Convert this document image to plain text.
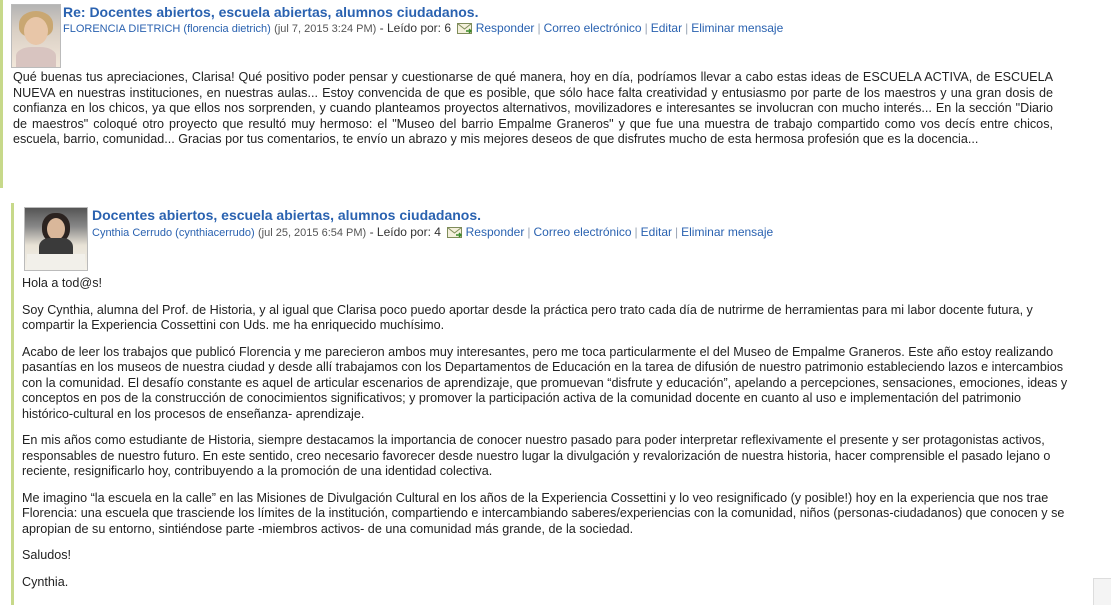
Re: Docentes abiertos, escuela abiertas, alumnos ciudadanos.
FLORENCIA DIETRICH (florencia dietrich) (jul 7, 2015 3:24 PM) - Leído por: 6 Responder | Correo electrónico | Editar | Eliminar mensaje
Qué buenas tus apreciaciones, Clarisa! Qué positivo poder pensar y cuestionarse de qué manera, hoy en día, podríamos llevar a cabo estas ideas de ESCUELA ACTIVA, de ESCUELA NUEVA en nuestras instituciones, en nuestras aulas... Estoy convencida de que es posible, que sólo hace falta creatividad y entusiasmo por parte de los maestros y una gran dosis de confianza en los chicos, ya que ellos nos sorprenden, y cuando planteamos proyectos alternativos, movilizadores e interesantes se involucran con mucho interés... En la sección "Diario de maestros" coloqué otro proyecto que resultó muy hermoso: el "Museo del barrio Empalme Graneros" y que fue una muestra de trabajo compartido como vos decís entre chicos, escuela, barrio, comunidad... Gracias por tus comentarios, te envío un abrazo y mis mejores deseos de que disfrutes mucho de esta hermosa profesión que es la docencia...
Docentes abiertos, escuela abiertas, alumnos ciudadanos.
Cynthia Cerrudo (cynthiacerrudo) (jul 25, 2015 6:54 PM) - Leído por: 4 Responder | Correo electrónico | Editar | Eliminar mensaje

Hola a tod@s!

Soy Cynthia, alumna del Prof. de Historia, y al igual que Clarisa poco puedo aportar desde la práctica pero trato cada día de nutrirme de herramientas para mi labor docente futura, y compartir la Experiencia Cossettini con Uds. me ha enriquecido muchísimo.

Acabo de leer los trabajos que publicó Florencia y me parecieron ambos muy interesantes, pero me toca particularmente el del Museo de Empalme Graneros. Este año estoy realizando pasantías en los museos de nuestra ciudad y desde allí trabajamos con los Departamentos de Educación en la tarea de difusión de nuestro patrimonio estableciendo lazos e intercambios con la comunidad. El desafío constante es aquel de articular escenarios de aprendizaje, que promuevan “disfrute y educación”, apelando a percepciones, sensaciones, emociones, ideas y conceptos en pos de la construcción de conocimientos significativos; y promover la participación activa de la comunidad docente en cuanto al uso e implementación del patrimonio histórico-cultural en los procesos de enseñanza- aprendizaje.

En mis años como estudiante de Historia, siempre destacamos la importancia de conocer nuestro pasado para poder interpretar reflexivamente el presente y ser protagonistas activos, responsables de nuestro futuro. En este sentido, creo necesario favorecer desde nuestro lugar la divulgación y revalorización de nuestra historia, hacer comprensible el pasado lejano o reciente, resignificarlo hoy, contribuyendo a la promoción de una identidad colectiva.

Me imagino “la escuela en la calle” en las Misiones de Divulgación Cultural en los años de la Experiencia Cossettini y lo veo resignificado (y posible!) hoy en la experiencia que nos trae Florencia: una escuela que trasciende los límites de la institución, compartiendo e intercambiando saberes/experiencias con la comunidad, niños (personas-ciudadanos) que conocen y se apropian de su entorno, sintiéndose parte -miembros activos- de una comunidad más grande, de la sociedad.

Saludos!

Cynthia.
